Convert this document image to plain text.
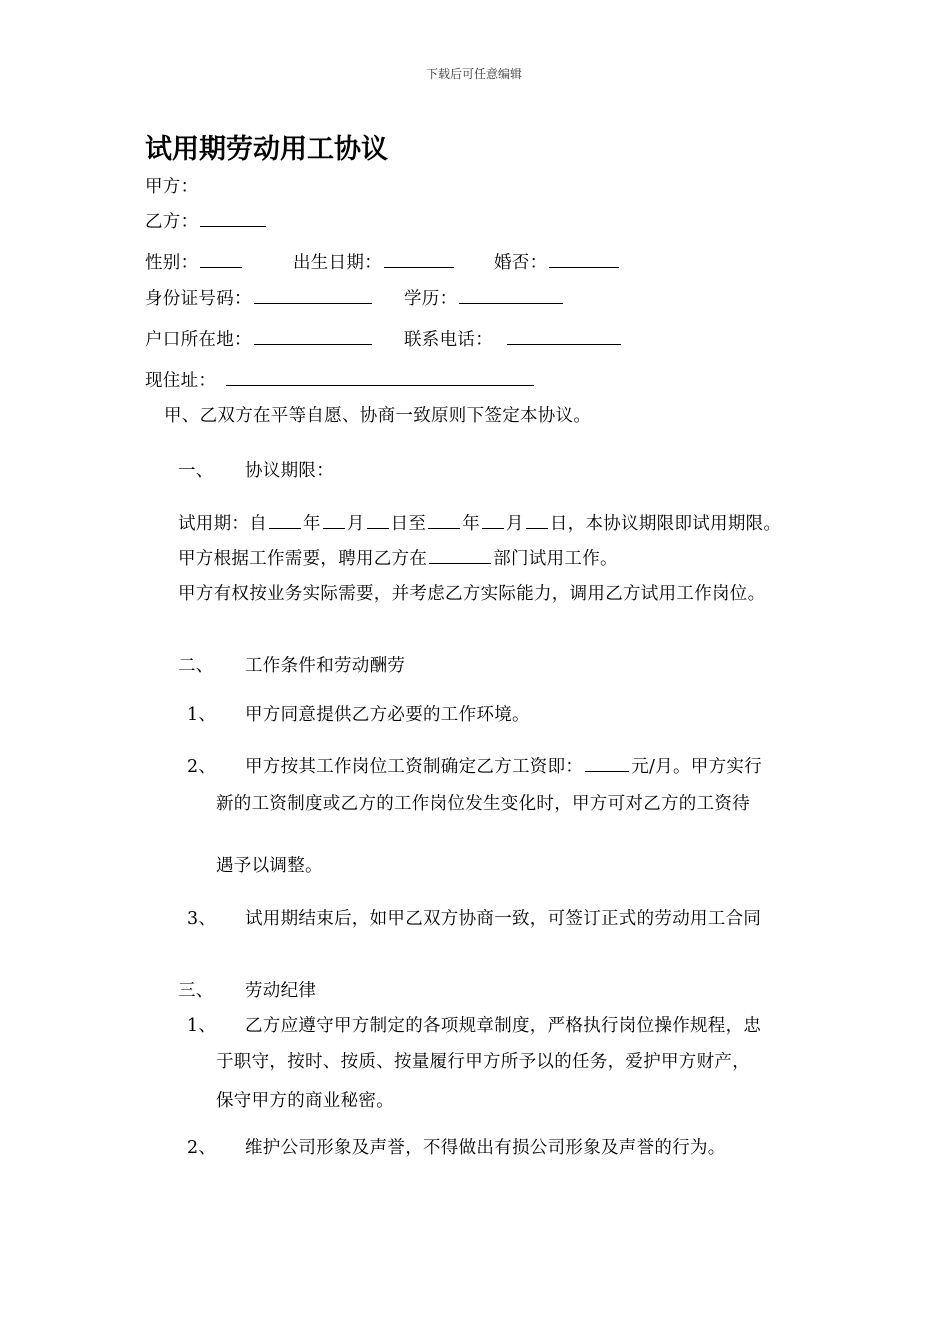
下载后可任意编辑
试用期劳动用工协议
甲方：
乙方：
性别：	出生日期：	婚否：
身份证号码：	学历：
户口所在地：	联系电话：
现住址：
甲、乙双方在平等自愿、协商一致原则下签定本协议。
一、 协议期限：
试用期：自 年 月 日至 年 月 日，本协议期限即试用期限。
甲方根据工作需要，聘用乙方在	部门试用工作。
甲方有权按业务实际需要，并考虑乙方实际能力，调用乙方试用工作岗位。
二、 工作条件和劳动酬劳
1、 甲方同意提供乙方必要的工作环境。
2、 甲方按其工作岗位工资制确定乙方工资即：	元/月。甲方实行
新的工资制度或乙方的工作岗位发生变化时，甲方可对乙方的工资待
遇予以调整。
3、 试用期结束后，如甲乙双方协商一致，可签订正式的劳动用工合同
三、 劳动纪律
1、 乙方应遵守甲方制定的各项规章制度，严格执行岗位操作规程，忠
于职守，按时、按质、按量履行甲方所予以的任务，爱护甲方财产，
保守甲方的商业秘密。
2、 维护公司形象及声誉，不得做出有损公司形象及声誉的行为。
